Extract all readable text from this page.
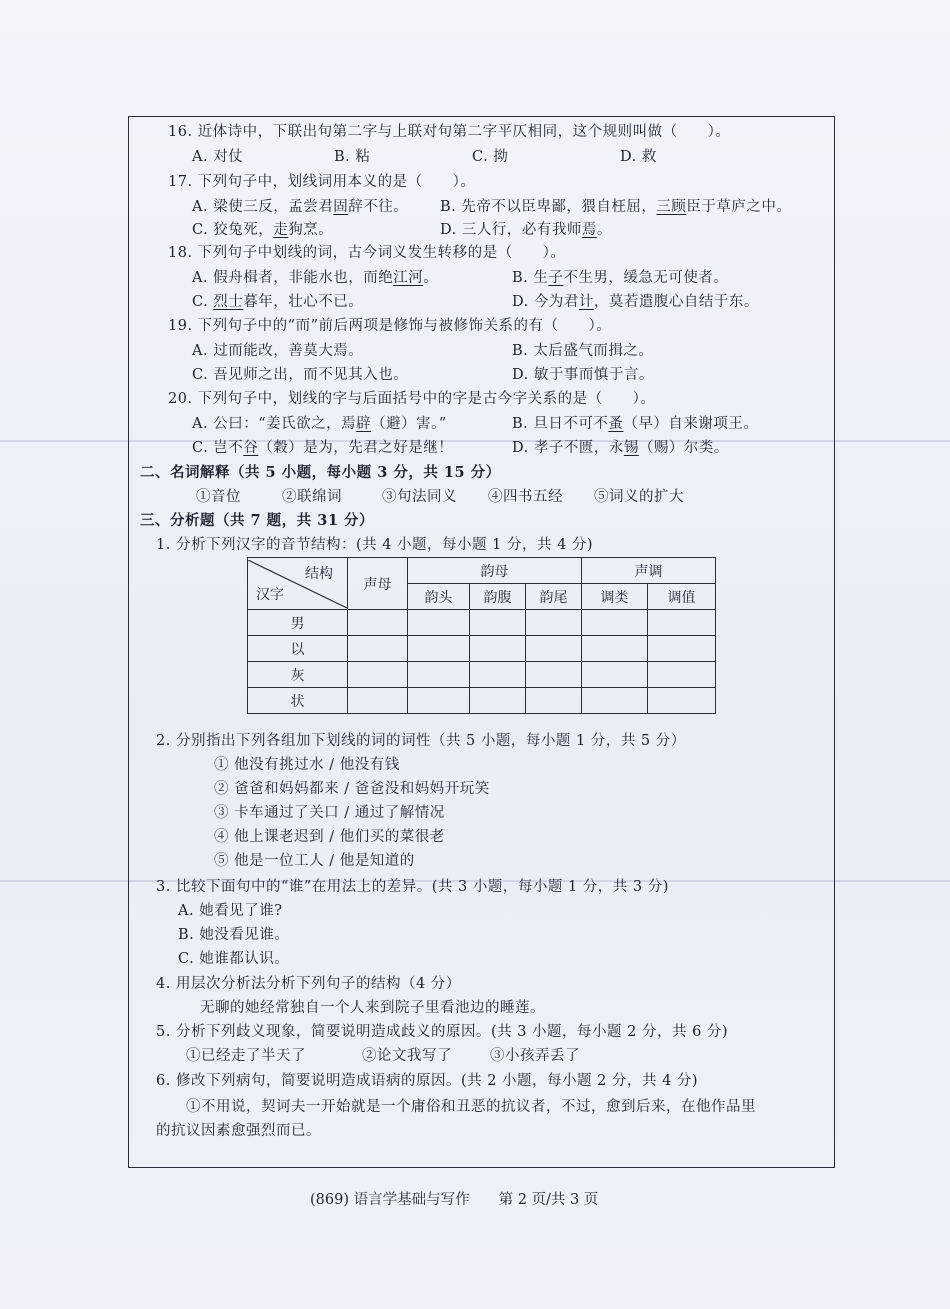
16. 近体诗中，下联出句第二字与上联对句第二字平仄相同，这个规则叫做（　　）。
A. 对仗	B. 粘	C. 拗	D. 救
17. 下列句子中，划线词用本义的是（　　）。
A. 梁使三反，孟尝君固辞不往。 B. 先帝不以臣卑鄙，猥自枉屈，三顾臣于草庐之中。
C. 狡兔死，走狗烹。	D. 三人行，必有我师焉。
18. 下列句子中划线的词，古今词义发生转移的是（　　）。
A. 假舟楫者，非能水也，而绝江河。	B. 生子不生男，缓急无可使者。
C. 烈士暮年，壮心不已。	D. 今为君计，莫若遣腹心自结于东。
19. 下列句子中的“而”前后两项是修饰与被修饰关系的有（　　）。
A. 过而能改，善莫大焉。	B. 太后盛气而揖之。
C. 吾见师之出，而不见其入也。	D. 敏于事而慎于言。
20. 下列句子中，划线的字与后面括号中的字是古今字关系的是（　　）。
A. 公曰：“姜氏欲之，焉辟（避）害。”	B. 旦日不可不蚤（早）自来谢项王。
C. 岂不谷（穀）是为，先君之好是继！	D. 孝子不匮，永锡（赐）尔类。
二、名词解释（共 5 小题，每小题 3 分，共 15 分）
①音位	②联绵词	③句法同义 ④四书五经 ⑤词义的扩大
三、分析题（共 7 题，共 31 分）
1. 分析下列汉字的音节结构：(共 4 小题，每小题 1 分，共 4 分)
结构
汉字	声母	韵母			声调	
		韵头	韵腹	韵尾	调类	调值
男						
以						
灰						
状						
2. 分别指出下列各组加下划线的词的词性（共 5 小题，每小题 1 分，共 5 分）
① 他没有挑过水 / 他没有钱
② 爸爸和妈妈都来 / 爸爸没和妈妈开玩笑
③ 卡车通过了关口 / 通过了解情况
④ 他上课老迟到 / 他们买的菜很老
⑤ 他是一位工人 / 他是知道的
3. 比较下面句中的“谁”在用法上的差异。(共 3 小题，每小题 1 分，共 3 分)
A. 她看见了谁?
B. 她没看见谁。
C. 她谁都认识。
4. 用层次分析法分析下列句子的结构（4 分）
无聊的她经常独自一个人来到院子里看池边的睡莲。
5. 分析下列歧义现象，简要说明造成歧义的原因。(共 3 小题，每小题 2 分，共 6 分)
①已经走了半天了	②论文我写了	③小孩弄丢了
6. 修改下列病句，简要说明造成语病的原因。(共 2 小题，每小题 2 分，共 4 分)
①不用说，契诃夫一开始就是一个庸俗和丑恶的抗议者，不过，愈到后来，在他作品里
的抗议因素愈强烈而已。
(869) 语言学基础与写作　　第 2 页/共 3 页
